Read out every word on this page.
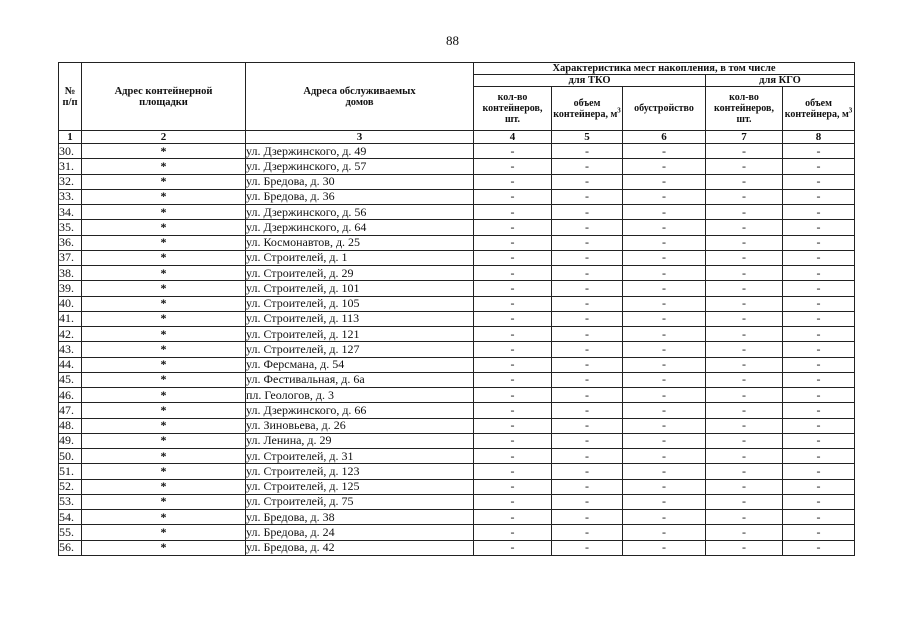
88
№ п/п	Адрес контейнерной площадки	Адреса обслуживаемых домов	Характеристика мест накопления, в том числе				
			для ТКО			для КГО	
			кол-во контейнеров, шт.	объем контейнера, $м^3$	обустройство	кол-во контейнеров, шт.	объем контейнера, $м^3$
1	2	3	4	5	6	7	8
30.	*	ул. Дзержинского, д. 49	-	-	-	-	-
31.	*	ул. Дзержинского, д. 57	-	-	-	-	-
32.	*	ул. Бредова, д. 30	-	-	-	-	-
33.	*	ул. Бредова, д. 36	-	-	-	-	-
34.	*	ул. Дзержинского, д. 56	-	-	-	-	-
35.	*	ул. Дзержинского, д. 64	-	-	-	-	-
36.	*	ул. Космонавтов, д. 25	-	-	-	-	-
37.	*	ул. Строителей, д. 1	-	-	-	-	-
38.	*	ул. Строителей, д. 29	-	-	-	-	-
39.	*	ул. Строителей, д. 101	-	-	-	-	-
40.	*	ул. Строителей, д. 105	-	-	-	-	-
41.	*	ул. Строителей, д. 113	-	-	-	-	-
42.	*	ул. Строителей, д. 121	-	-	-	-	-
43.	*	ул. Строителей, д. 127	-	-	-	-	-
44.	*	ул. Ферсмана, д. 54	-	-	-	-	-
45.	*	ул. Фестивальная, д. 6а	-	-	-	-	-
46.	*	пл. Геологов, д. 3	-	-	-	-	-
47.	*	ул. Дзержинского, д. 66	-	-	-	-	-
48.	*	ул. Зиновьева, д. 26	-	-	-	-	-
49.	*	ул. Ленина, д. 29	-	-	-	-	-
50.	*	ул. Строителей, д. 31	-	-	-	-	-
51.	*	ул. Строителей, д. 123	-	-	-	-	-
52.	*	ул. Строителей, д. 125	-	-	-	-	-
53.	*	ул. Строителей, д. 75	-	-	-	-	-
54.	*	ул. Бредова, д. 38	-	-	-	-	-
55.	*	ул. Бредова, д. 24	-	-	-	-	-
56.	*	ул. Бредова, д. 42	-	-	-	-	-
